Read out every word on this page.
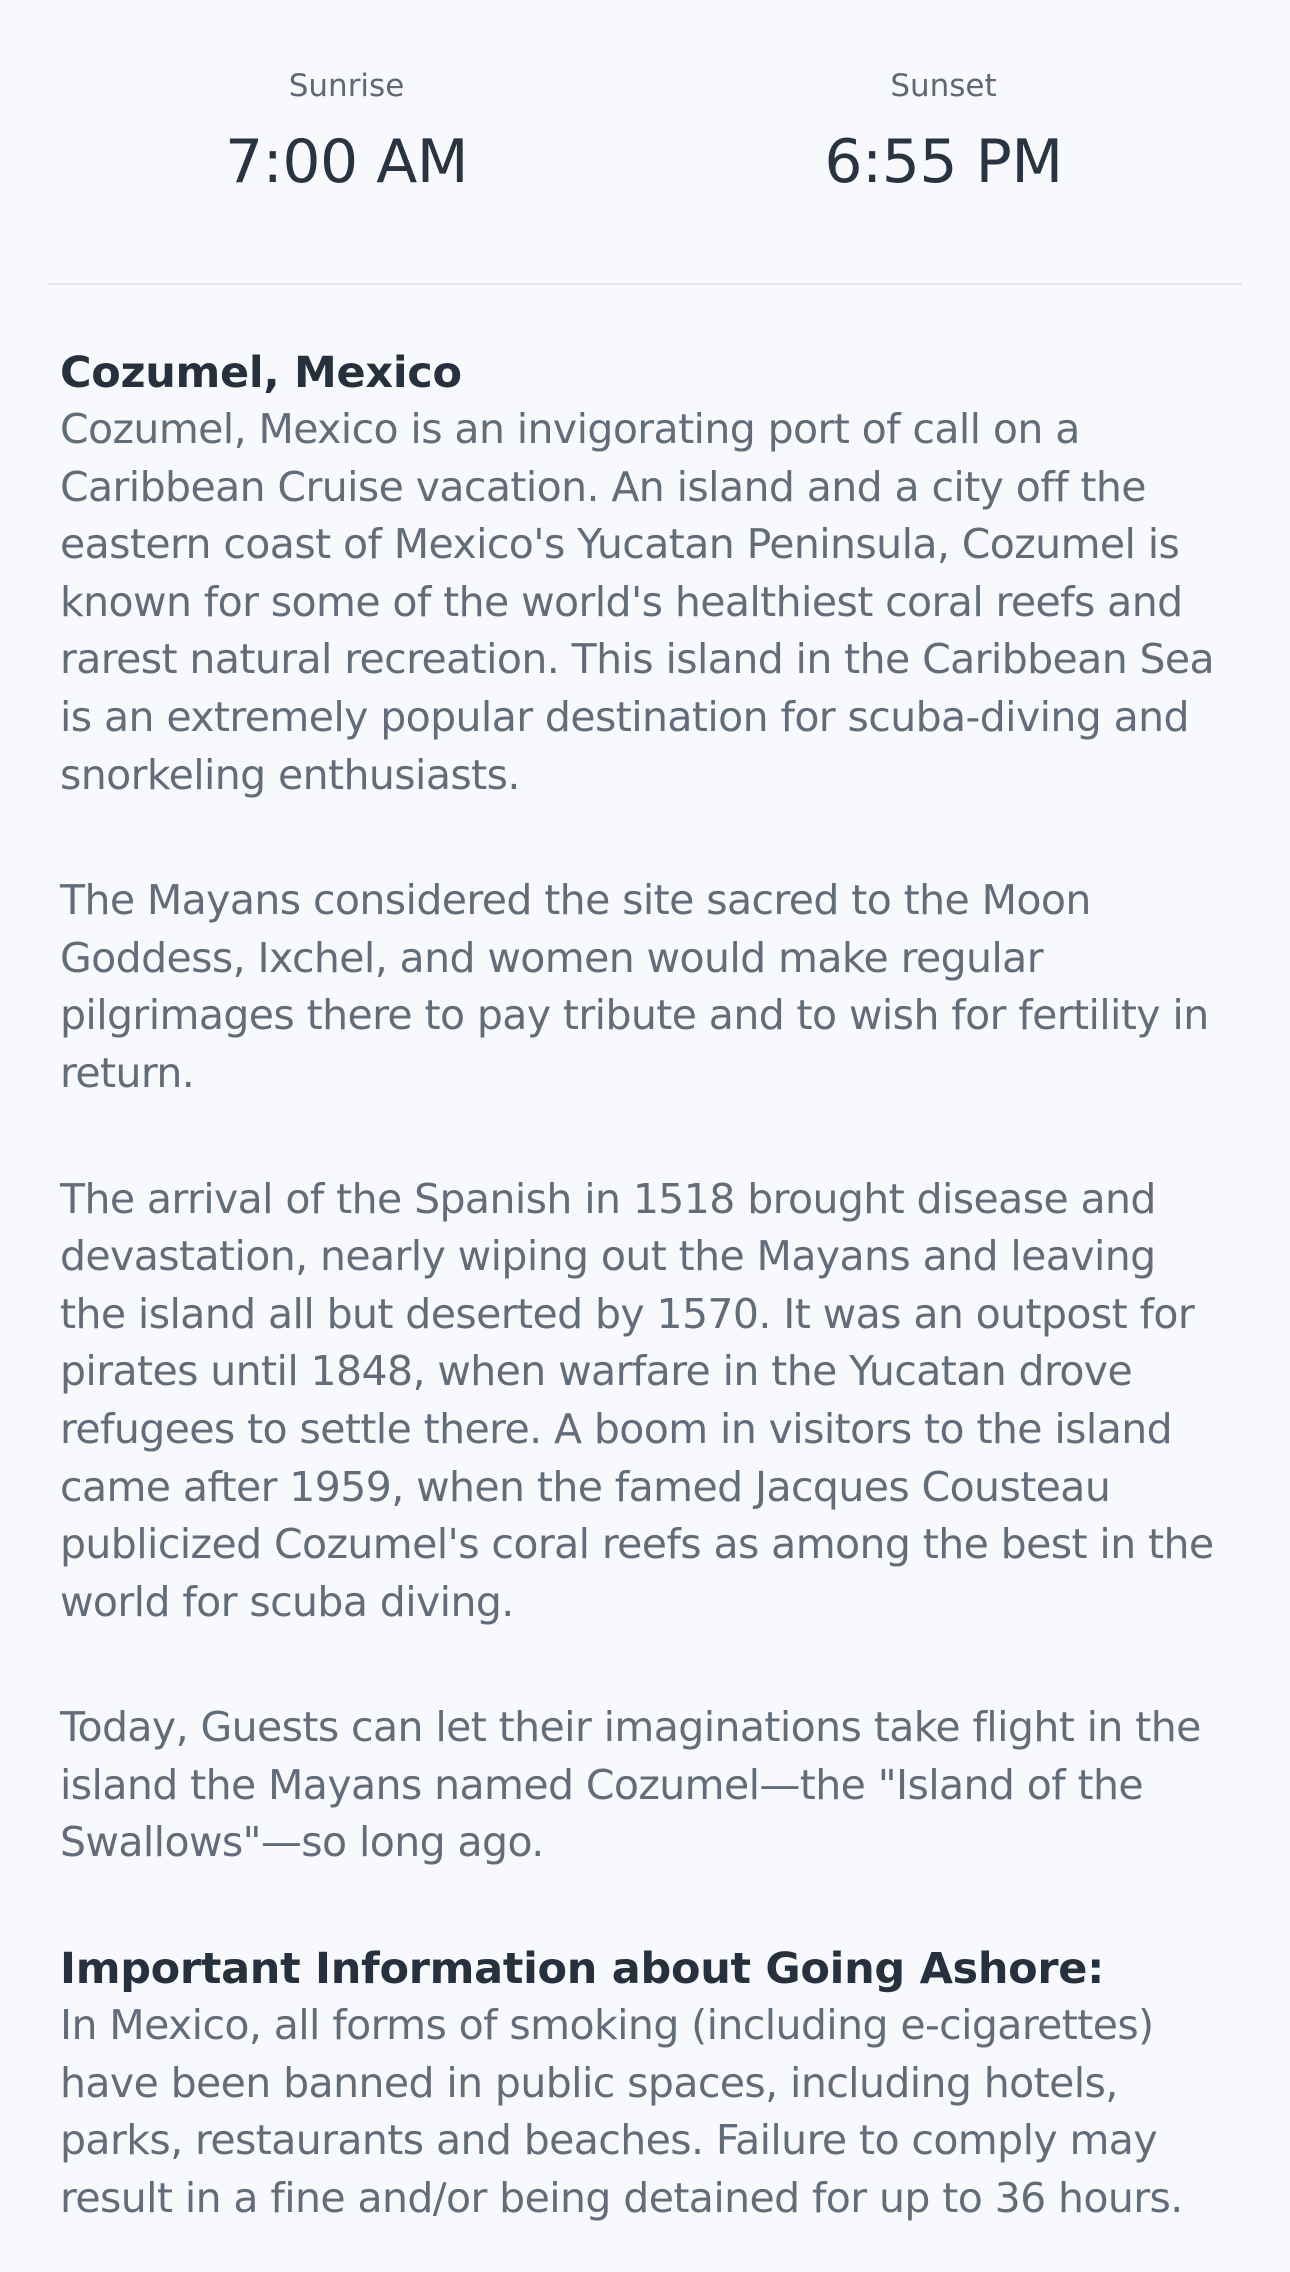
Sunrise
7:00 AM
Sunset
6:55 PM
Cozumel, Mexico

Cozumel, Mexico is an invigorating port of call on a Caribbean Cruise vacation. An island and a city off the eastern coast of Mexico's Yucatan Peninsula, Cozumel is known for some of the world's healthiest coral reefs and rarest natural recreation. This island in the Caribbean Sea is an extremely popular destination for scuba-diving and snorkeling enthusiasts.

The Mayans considered the site sacred to the Moon Goddess, Ixchel, and women would make regular pilgrimages there to pay tribute and to wish for fertility in return.

The arrival of the Spanish in 1518 brought disease and devastation, nearly wiping out the Mayans and leaving the island all but deserted by 1570. It was an outpost for pirates until 1848, when warfare in the Yucatan drove refugees to settle there. A boom in visitors to the island came after 1959, when the famed Jacques Cousteau publicized Cozumel's coral reefs as among the best in the world for scuba diving.

Today, Guests can let their imaginations take flight in the island the Mayans named Cozumel—the "Island of the Swallows"—so long ago.

Important Information about Going Ashore:

In Mexico, all forms of smoking (including e-cigarettes) have been banned in public spaces, including hotels, parks, restaurants and beaches. Failure to comply may result in a fine and/or being detained for up to 36 hours.
